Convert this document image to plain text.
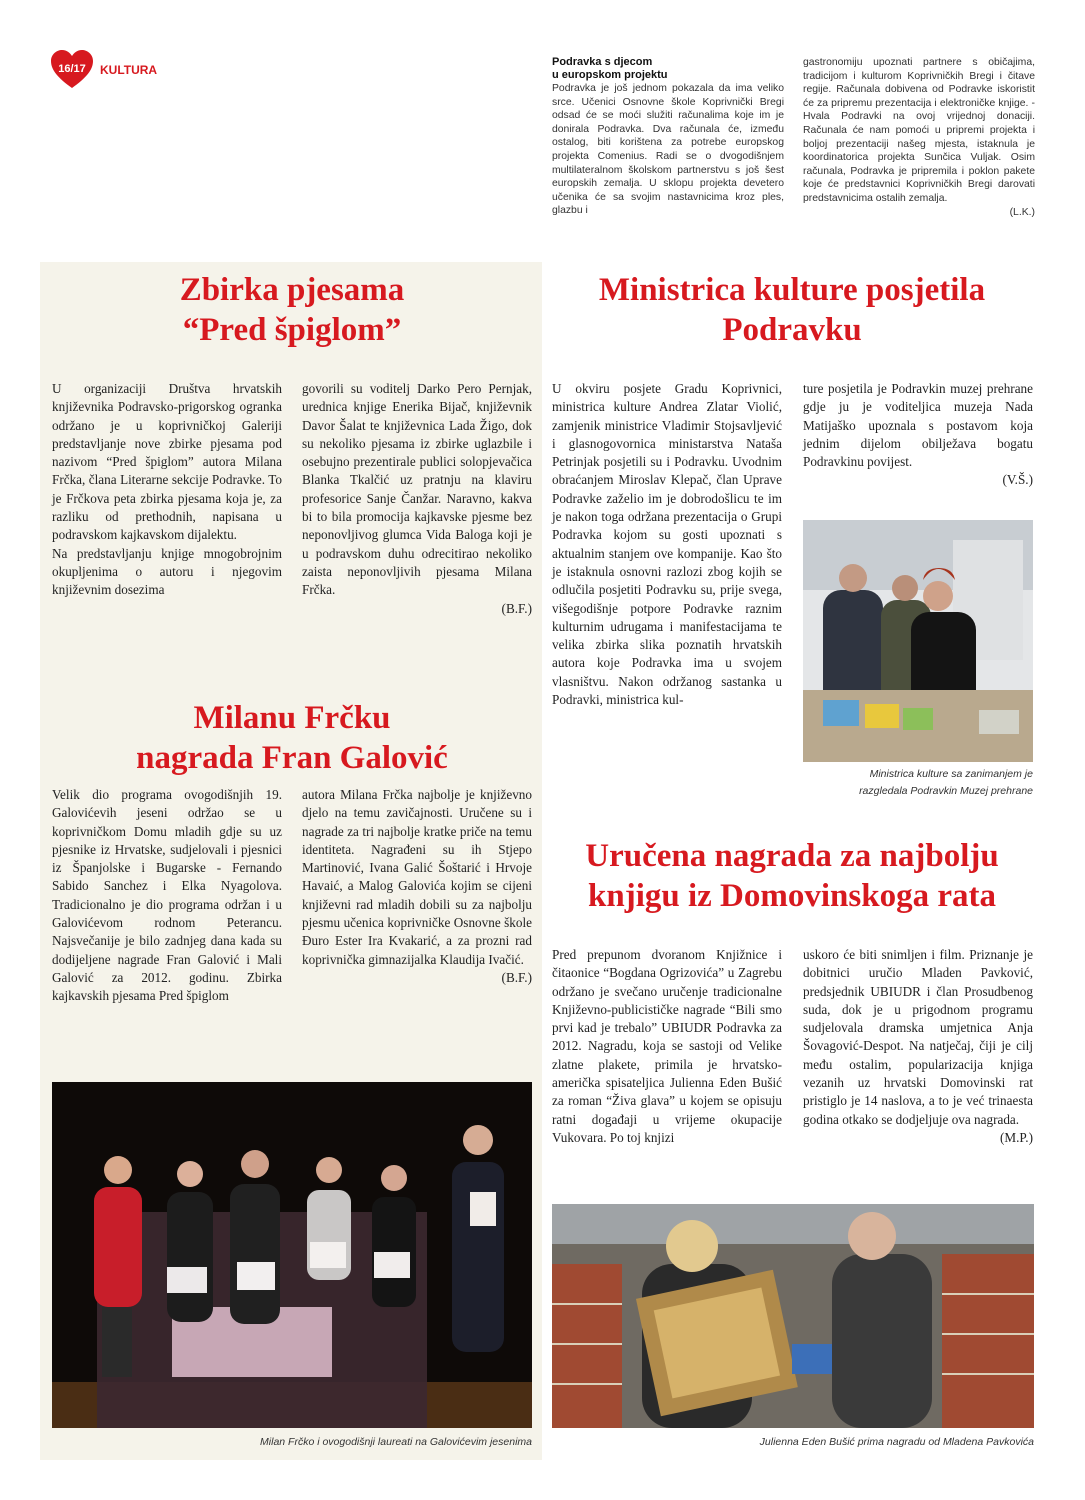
16/17	KULTURA
Podravka s djecom
u europskom projektu

Podravka je još jednom pokazala da ima veliko srce. Učenici Osnovne škole Koprivnički Bregi odsad će se moći služiti računalima koje im je donirala Podravka. Dva računala će, između ostalog, biti korištena za potrebe europskog projekta Comenius. Radi se o dvogodišnjem multilateralnom školskom partnerstvu s još šest europskih zemalja. U sklopu projekta devetero učenika će sa svojim nastavnicima kroz ples, glazbu i

gastronomiju upoznati partnere s običajima, tradicijom i kulturom Koprivničkih Bregi i čitave regije. Računala dobivena od Podravke iskoristit će za pripremu prezentacija i elektroničke knjige. - Hvala Podravki na ovoj vrijednoj donaciji. Računala će nam pomoći u pripremi projekta i boljoj prezentaciji našeg mjesta, istaknula je koordinatorica projekta Sunčica Vuljak. Osim računala, Podravka je pripremila i poklon pakete koje će predstavnici Koprivničkih Bregi darovati predstavnicima ostalih zemalja.

(L.K.)

Zbirka pjesama
“Pred špiglom”

U organizaciji Društva hrvatskih književnika Podravsko-prigorskog ogranka održano je u koprivničkoj Galeriji predstavljanje nove zbirke pjesama pod nazivom “Pred špiglom” autora Milana Frčka, člana Literarne sekcije Podravke. To je Frčkova peta zbirka pjesama koja je, za razliku od prethodnih, napisana u podravskom kajkavskom dijalektu.

Na predstavljanju knjige mnogobrojnim okupljenima o autoru i njegovim književnim dosezima

govorili su voditelj Darko Pero Pernjak, urednica knjige Enerika Bijač, književnik Davor Šalat te književnica Lada Žigo, dok su nekoliko pjesama iz zbirke uglazbile i osebujno prezentirale publici solopjevačica Blanka Tkalčić uz pratnju na klaviru profesorice Sanje Čanžar. Naravno, kakva bi to bila promocija kajkavske pjesme bez neponovljivog glumca Vida Baloga koji je u podravskom duhu odrecitirao nekoliko zaista neponovljivih pjesama Milana Frčka.

(B.F.)

Milanu Frčku
nagrada Fran Galović

Velik dio programa ovogodišnjih 19. Galovićevih jeseni održao se u koprivničkom Domu mladih gdje su uz pjesnike iz Hrvatske, sudjelovali i pjesnici iz Španjolske i Bugarske - Fernando Sabido Sanchez i Elka Nyagolova. Tradicionalno je dio programa održan i u Galovićevom rodnom Peterancu. Najsvečanije je bilo zadnjeg dana kada su dodijeljene nagrade Fran Galović i Mali Galović za 2012. godinu. Zbirka kajkavskih pjesama Pred špiglom

autora Milana Frčka najbolje je književno djelo na temu zavičajnosti. Uručene su i nagrade za tri najbolje kratke priče na temu identiteta. Nagrađeni su ih Stjepo Martinović, Ivana Galić Šoštarić i Hrvoje Havaić, a Malog Galovića kojim se cijeni književni rad mladih dobili su za najbolju pjesmu učenica koprivničke Osnovne škole Đuro Ester Ira Kvakarić, a za prozni rad koprivnička gimnazijalka Klaudija Ivačić.

(B.F.)

Milan Frčko i ovogodišnji laureati na Galovićevim jesenima
Ministrica kulture posjetila
Podravku

U okviru posjete Gradu Koprivnici, ministrica kulture Andrea Zlatar Violić, zamjenik ministrice Vladimir Stojsavljević i glasnogovornica ministarstva Nataša Petrinjak posjetili su i Podravku. Uvodnim obraćanjem Miroslav Klepač, član Uprave Podravke zaželio im je dobrodošlicu te im je nakon toga održana prezentacija o Grupi Podravka kojom su gosti upoznati s aktualnim stanjem ove kompanije. Kao što je istaknula osnovni razlozi zbog kojih se odlučila posjetiti Podravku su, prije svega, višegodišnje potpore Podravke raznim kulturnim udrugama i manifestacijama te velika zbirka slika poznatih hrvatskih autora koje Podravka ima u svojem vlasništvu. Nakon održanog sastanka u Podravki, ministrica kul-

ture posjetila je Podravkin muzej prehrane gdje ju je voditeljica muzeja Nada Matijaško upoznala s postavom koja jednim dijelom obilježava bogatu Podravkinu povijest.

(V.Š.)

Ministrica kulture sa zanimanjem je
razgledala Podravkin Muzej prehrane
Uručena nagrada za najbolju
knjigu iz Domovinskoga rata

Pred prepunom dvoranom Knjižnice i čitaonice “Bogdana Ogrizovića” u Zagrebu održano je svečano uručenje tradicionalne Književno-publicističke nagrade “Bili smo prvi kad je trebalo” UBIUDR Podravka za 2012. Nagradu, koja se sastoji od Velike zlatne plakete, primila je hrvatsko-američka spisateljica Julienna Eden Bušić za roman “Živa glava” u kojem se opisuju ratni događaji u vrijeme okupacije Vukovara. Po toj knjizi

uskoro će biti snimljen i film. Priznanje je dobitnici uručio Mladen Pavković, predsjednik UBIUDR i član Prosudbenog suda, dok je u prigodnom programu sudjelovala dramska umjetnica Anja Šovagović-Despot. Na natječaj, čiji je cilj među ostalim, popularizacija knjiga vezanih uz hrvatski Domovinski rat pristiglo je 14 naslova, a to je već trinaesta godina otkako se dodjeljuje ova nagrada.

(M.P.)

Julienna Eden Bušić prima nagradu od Mladena Pavkovića
